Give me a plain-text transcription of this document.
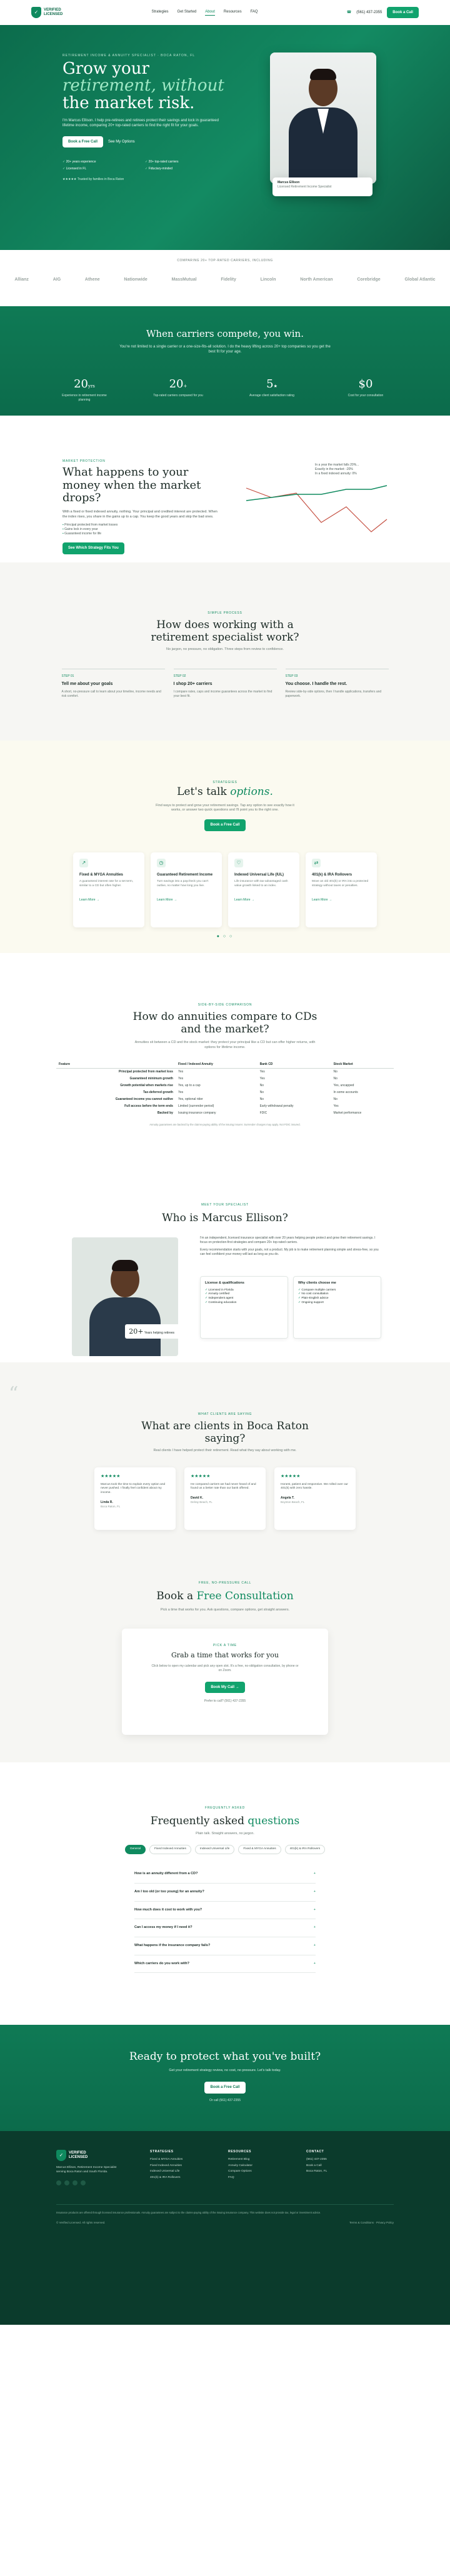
✓	VERIFIED
LICENSED
Strategies Get Started About Resources FAQ	☎ (561) 437-2355	Book a Call
RETIREMENT INCOME & ANNUITY SPECIALIST · BOCA RATON, FL
Grow your
retirement, without
the market risk.

I'm Marcus Ellison. I help pre-retirees and retirees protect their savings and lock in guaranteed lifetime income, comparing 20+ top-rated carriers to find the right fit for your goals.

Book a Free Call	See My Options
✓ 20+ years experience	✓ 20+ top-rated carriers
✓ Licensed in FL	✓ Fiduciary-minded
★★★★★ Trusted by families in Boca Raton
Marcus Ellison
Licensed Retirement Income Specialist
COMPARING 20+ TOP-RATED CARRIERS, INCLUDING
Allianz	AIG	Athene	Nationwide	MassMutual	Fidelity	Lincoln	North American	Corebridge	Global Atlantic
When carriers compete, you win.

You're not limited to a single carrier or a one-size-fits-all solution. I do the heavy lifting across 20+ top companies so you get the best fit for your age.

20yrs
Experience in retirement income planning
20+
Top-rated carriers compared for you
5★
Average client satisfaction rating
$0
Cost for your consultation
MARKET PROTECTION
What happens to your money when the market drops?

With a fixed or fixed indexed annuity, nothing. Your principal and credited interest are protected. When the index rises, you share in the gains up to a cap. You keep the good years and skip the bad ones.

▪ Principal protected from market losses
▪ Gains lock in every year
▪ Guaranteed income for life
See Which Strategy Fits You
In a year the market falls 20%...
Exactly in the market: -20%
In a fixed indexed annuity: 0%
SIMPLE PROCESS
How does working with a retirement specialist work?

No jargon, no pressure, no obligation. Three steps from review to confidence.

STEP 01
Tell me about your goals

A short, no-pressure call to learn about your timeline, income needs and risk comfort.

STEP 02
I shop 20+ carriers

I compare rates, caps and income guarantees across the market to find your best fit.

STEP 03
You choose. I handle the rest.

Review side-by-side options, then I handle applications, transfers and paperwork.

STRATEGIES
Let's talk options.

Find ways to protect and grow your retirement savings. Tap any option to see exactly how it works, or answer two quick questions and I'll point you to the right one.

Book a Free Call
↗
Fixed & MYGA Annuities

A guaranteed interest rate for a set term, similar to a CD but often higher.

Learn More →
◷
Guaranteed Retirement Income

Turn savings into a paycheck you can't outlive, no matter how long you live.

Learn More →
♡
Indexed Universal Life (IUL)

Life insurance with tax-advantaged cash value growth linked to an index.

Learn More →
⇄
401(k) & IRA Rollovers

Move an old 401(k) or IRA into a protected strategy without taxes or penalties.

Learn More →
● ○ ○
SIDE-BY-SIDE COMPARISON
How do annuities compare to CDs and the market?

Annuities sit between a CD and the stock market: they protect your principal like a CD but can offer higher returns, with options for lifetime income.

Feature	Fixed / Indexed Annuity	Bank CD	Stock Market
Principal protected from market loss	Yes	Yes	No
Guaranteed minimum growth	Yes	Yes	No
Growth potential when markets rise	Yes, up to a cap	No	Yes, uncapped
Tax-deferred growth	Yes	No	In some accounts
Guaranteed income you cannot outlive	Yes, optional rider	No	No
Full access before the term ends	Limited (surrender period)	Early withdrawal penalty	Yes
Backed by	Issuing insurance company	FDIC	Market performance
Annuity guarantees are backed by the claims-paying ability of the issuing insurer. Surrender charges may apply. Not FDIC insured.
MEET YOUR SPECIALIST
Who is Marcus Ellison?
20+ Years helping retirees

I'm an independent, licensed insurance specialist with over 20 years helping people protect and grow their retirement savings. I focus on protection-first strategies and compare 20+ top-rated carriers.

Every recommendation starts with your goals, not a product. My job is to make retirement planning simple and stress-free, so you can feel confident your money will last as long as you do.

License & qualifications
✓ Licensed in Florida
✓ Annuity certified
✓ Independent agent
✓ Continuing education
Why clients choose me
✓ Compare multiple carriers
✓ No cost consultation
✓ Plain-English advice
✓ Ongoing support
“
WHAT CLIENTS ARE SAYING
What are clients in Boca Raton saying?

Real clients I have helped protect their retirement. Read what they say about working with me.

★★★★★

Marcus took the time to explain every option and never pushed. I finally feel confident about my income.

Linda R.
Boca Raton, FL
★★★★★

He compared carriers we had never heard of and found us a better rate than our bank offered.

David K.
Delray Beach, FL
★★★★★

Honest, patient and responsive. We rolled over our 401(k) with zero hassle.

Angela T.
Boynton Beach, FL
FREE, NO-PRESSURE CALL
Book a Free Consultation

Pick a time that works for you. Ask questions, compare options, get straight answers.

PICK A TIME
Grab a time that works for you

Click below to open my calendar and pick any open slot. It's a free, no-obligation consultation, by phone or on Zoom.

Book My Call →
Prefer to call? (561) 437-2355
FREQUENTLY ASKED
Frequently asked questions

Plain talk. Straight answers, no jargon.

General	Fixed Indexed Annuities	Indexed Universal Life	Fixed & MYGA Annuities	401(k) & IRA Rollovers
How is an annuity different from a CD?	+
Am I too old (or too young) for an annuity?	+
How much does it cost to work with you?	+
Can I access my money if I need it?	+
What happens if the insurance company fails?	+
Which carriers do you work with?	+
Ready to protect what you've built?

Get your retirement strategy review, no cost, no pressure. Let's talk today.

Book a Free Call
Or call (561) 437-2355
✓	VERIFIED
LICENSED
Marcus Ellison, Retirement Income Specialist serving Boca Raton and South Florida.
STRATEGIES
Fixed & MYGA Annuities
Fixed Indexed Annuities
Indexed Universal Life
401(k) & IRA Rollovers
RESOURCES
Retirement Blog
Annuity Calculator
Compare Options
FAQ
CONTACT
(561) 437-2355
Book a Call
Boca Raton, FL
Insurance products are offered through licensed insurance professionals. Annuity guarantees are subject to the claims-paying ability of the issuing insurance company. This website does not provide tax, legal or investment advice.
© Verified Licensed. All rights reserved.	Terms & Conditions · Privacy Policy
